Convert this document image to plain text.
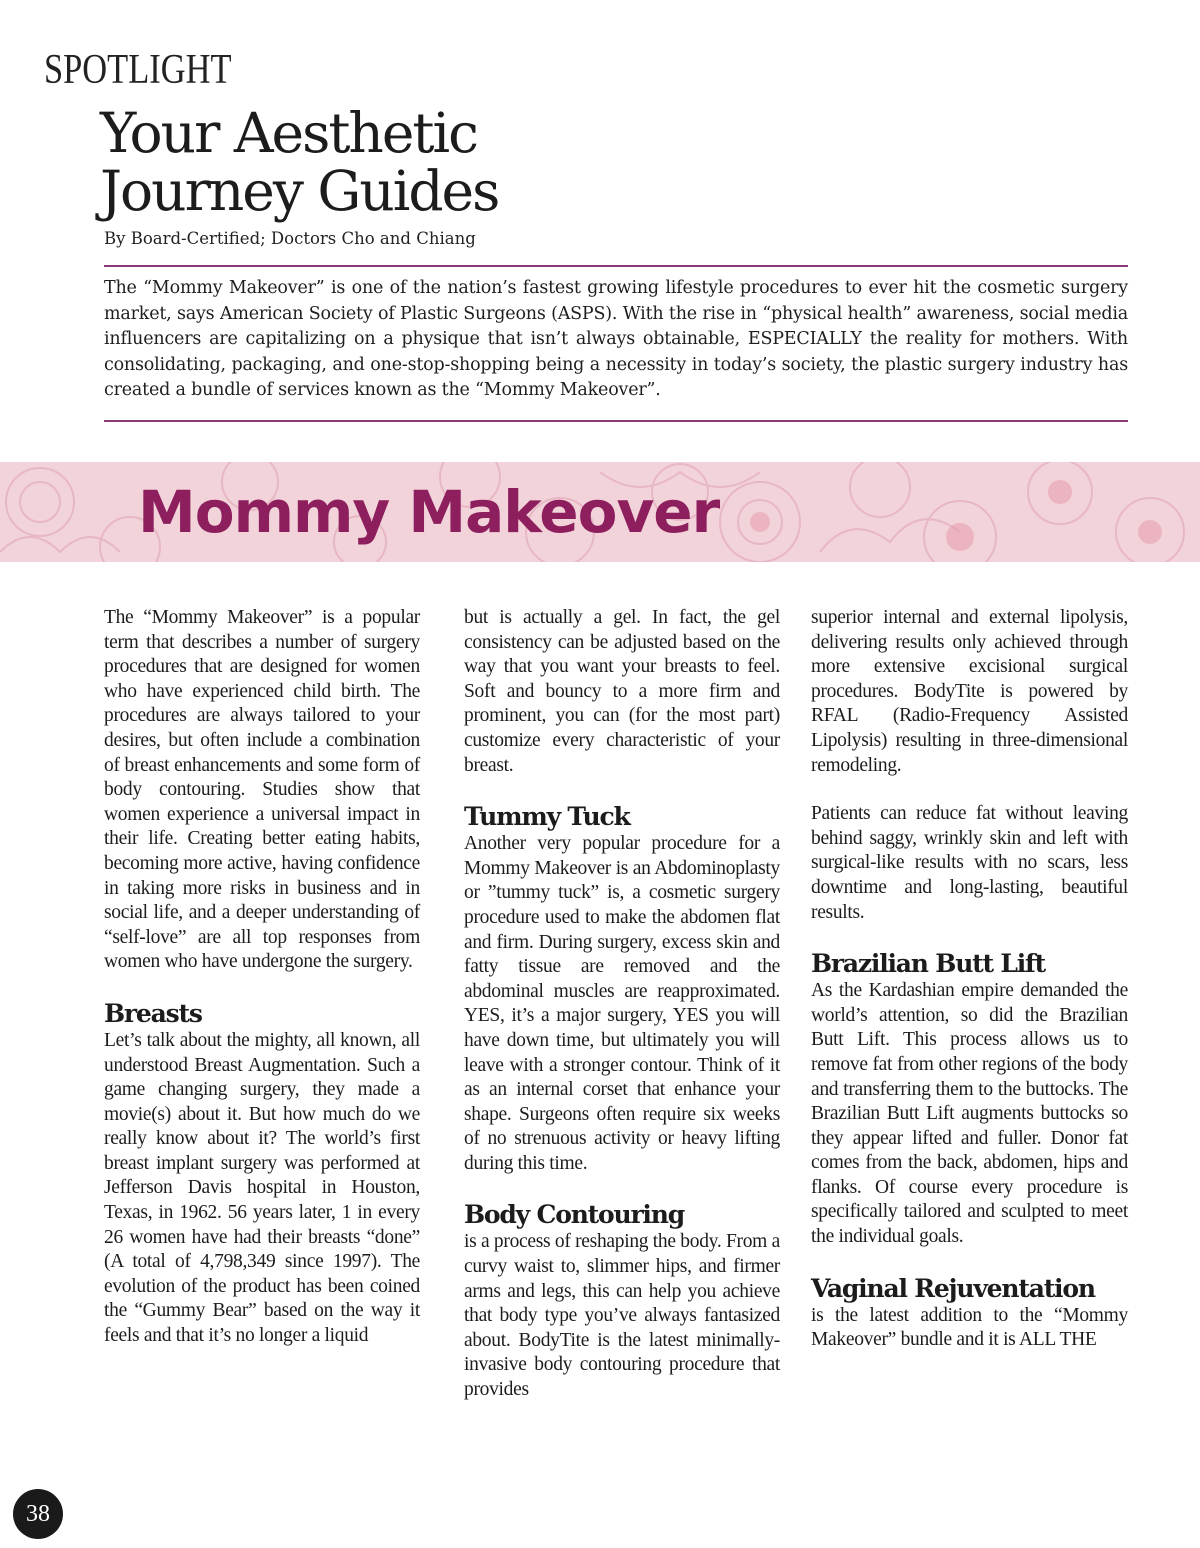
SPOTLIGHT
Your Aesthetic
Journey Guides
By Board-Certified; Doctors Cho and Chiang

The “Mommy Makeover” is one of the nation’s fastest growing lifestyle procedures to ever hit the cosmetic surgery market, says American Society of Plastic Surgeons (ASPS). With the rise in “physical health” awareness, social media influencers are capitalizing on a physique that isn’t always obtainable, ESPECIALLY the reality for mothers. With consolidating, packaging, and one-stop-shopping being a necessity in today’s society, the plastic surgery industry has created a bundle of services known as the “Mommy Makeover”.

Mommy Makeover

The “Mommy Makeover” is a popular term that describes a number of surgery procedures that are designed for women who have experienced child birth. The procedures are always tailored to your desires, but often include a combination of breast enhancements and some form of body contouring. Studies show that women experience a universal impact in their life. Creating better eating habits, becoming more active, having confidence in taking more risks in business and in social life, and a deeper understanding of “self-love” are all top responses from women who have undergone the surgery.

Breasts

Let’s talk about the mighty, all known, all understood Breast Augmentation. Such a game changing surgery, they made a movie(s) about it. But how much do we really know about it? The world’s first breast implant surgery was performed at Jefferson Davis hospital in Houston, Texas, in 1962. 56 years later, 1 in every 26 women have had their breasts “done” (A total of 4,798,349 since 1997). The evolution of the product has been coined the “Gummy Bear” based on the way it feels and that it’s no longer a liquid

but is actually a gel. In fact, the gel consistency can be adjusted based on the way that you want your breasts to feel. Soft and bouncy to a more firm and prominent, you can (for the most part) customize every characteristic of your breast.

Tummy Tuck

Another very popular procedure for a Mommy Makeover is an Abdominoplasty or ”tummy tuck” is, a cosmetic surgery procedure used to make the abdomen flat and firm. During surgery, excess skin and fatty tissue are removed and the abdominal muscles are reapproximated. YES, it’s a major surgery, YES you will have down time, but ultimately you will leave with a stronger contour. Think of it as an internal corset that enhance your shape. Surgeons often require six weeks of no strenuous activity or heavy lifting during this time.

Body Contouring

is a process of reshaping the body. From a curvy waist to, slimmer hips, and firmer arms and legs, this can help you achieve that body type you’ve always fantasized about. BodyTite is the latest minimally-invasive body contouring procedure that provides

superior internal and external lipolysis, delivering results only achieved through more extensive excisional surgical procedures. BodyTite is powered by RFAL (Radio-Frequency Assisted Lipolysis) resulting in three-dimensional remodeling.

Patients can reduce fat without leaving behind saggy, wrinkly skin and left with surgical-like results with no scars, less downtime and long-lasting, beautiful results.

Brazilian Butt Lift

As the Kardashian empire demanded the world’s attention, so did the Brazilian Butt Lift. This process allows us to remove fat from other regions of the body and transferring them to the buttocks. The Brazilian Butt Lift augments buttocks so they appear lifted and fuller. Donor fat comes from the back, abdomen, hips and flanks. Of course every procedure is specifically tailored and sculpted to meet the individual goals.

Vaginal Rejuventation

is the latest addition to the “Mommy Makeover” bundle and it is ALL THE

38
